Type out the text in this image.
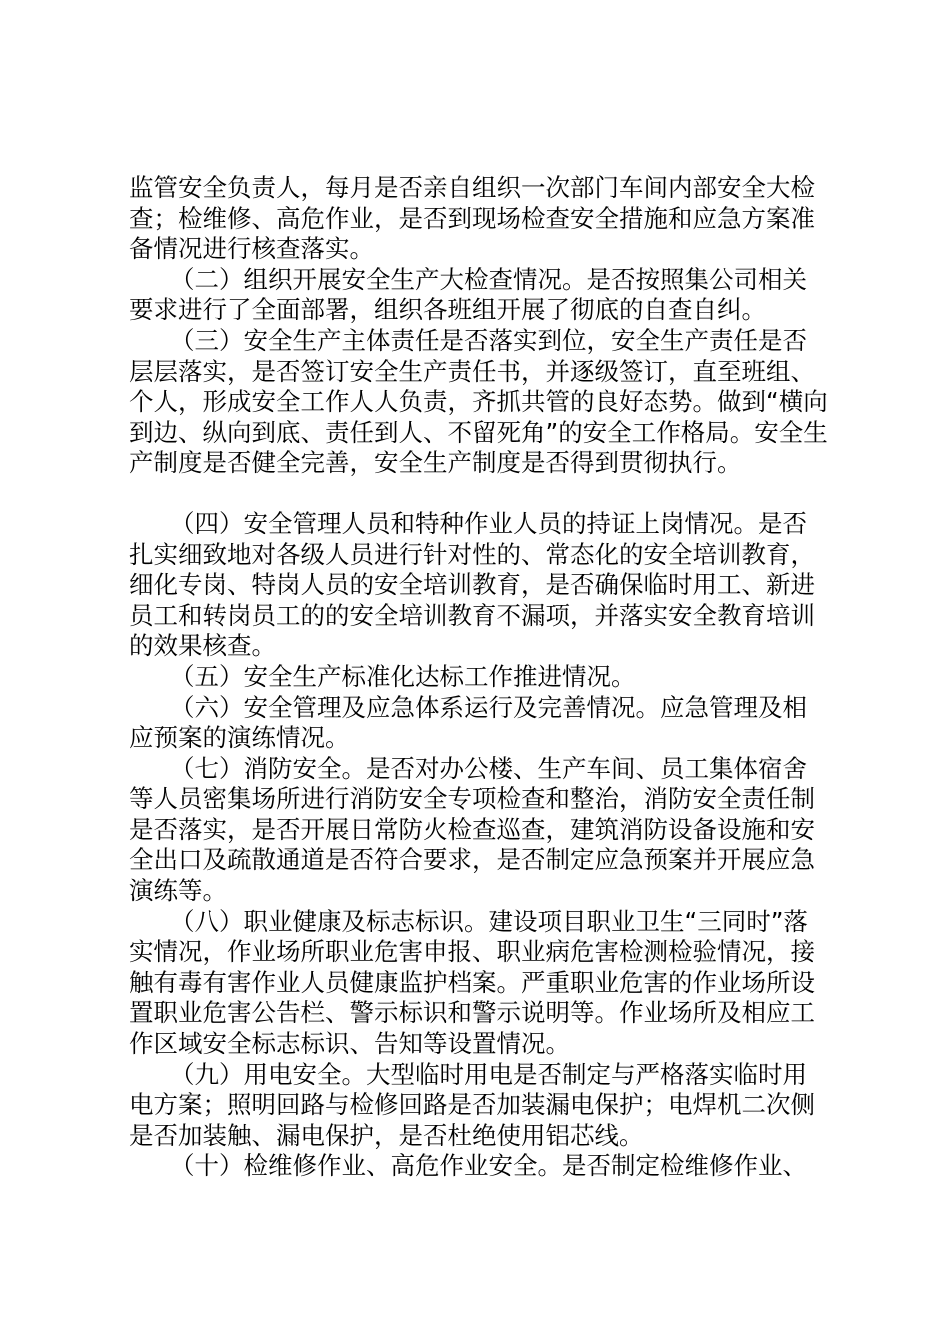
监管安全负责人，每月是否亲自组织一次部门车间内部安全大检查；检维修、高危作业，是否到现场检查安全措施和应急方案准备情况进行核查落实。

（二）组织开展安全生产大检查情况。是否按照集公司相关要求进行了全面部署，组织各班组开展了彻底的自查自纠。

（三）安全生产主体责任是否落实到位，安全生产责任是否层层落实，是否签订安全生产责任书，并逐级签订，直至班组、个人，形成安全工作人人负责，齐抓共管的良好态势。做到“横向到边、纵向到底、责任到人、不留死角”的安全工作格局。安全生产制度是否健全完善，安全生产制度是否得到贯彻执行。

（四）安全管理人员和特种作业人员的持证上岗情况。是否扎实细致地对各级人员进行针对性的、常态化的安全培训教育，细化专岗、特岗人员的安全培训教育，是否确保临时用工、新进员工和转岗员工的的安全培训教育不漏项，并落实安全教育培训的效果核查。

（五）安全生产标准化达标工作推进情况。

（六）安全管理及应急体系运行及完善情况。应急管理及相应预案的演练情况。

（七）消防安全。是否对办公楼、生产车间、员工集体宿舍等人员密集场所进行消防安全专项检查和整治，消防安全责任制是否落实，是否开展日常防火检查巡查，建筑消防设备设施和安全出口及疏散通道是否符合要求，是否制定应急预案并开展应急演练等。

（八）职业健康及标志标识。建设项目职业卫生“三同时”落实情况，作业场所职业危害申报、职业病危害检测检验情况，接触有毒有害作业人员健康监护档案。严重职业危害的作业场所设置职业危害公告栏、警示标识和警示说明等。作业场所及相应工作区域安全标志标识、告知等设置情况。

（九）用电安全。大型临时用电是否制定与严格落实临时用电方案；照明回路与检修回路是否加装漏电保护；电焊机二次侧是否加装触、漏电保护，是否杜绝使用铝芯线。

（十）检维修作业、高危作业安全。是否制定检维修作业、
